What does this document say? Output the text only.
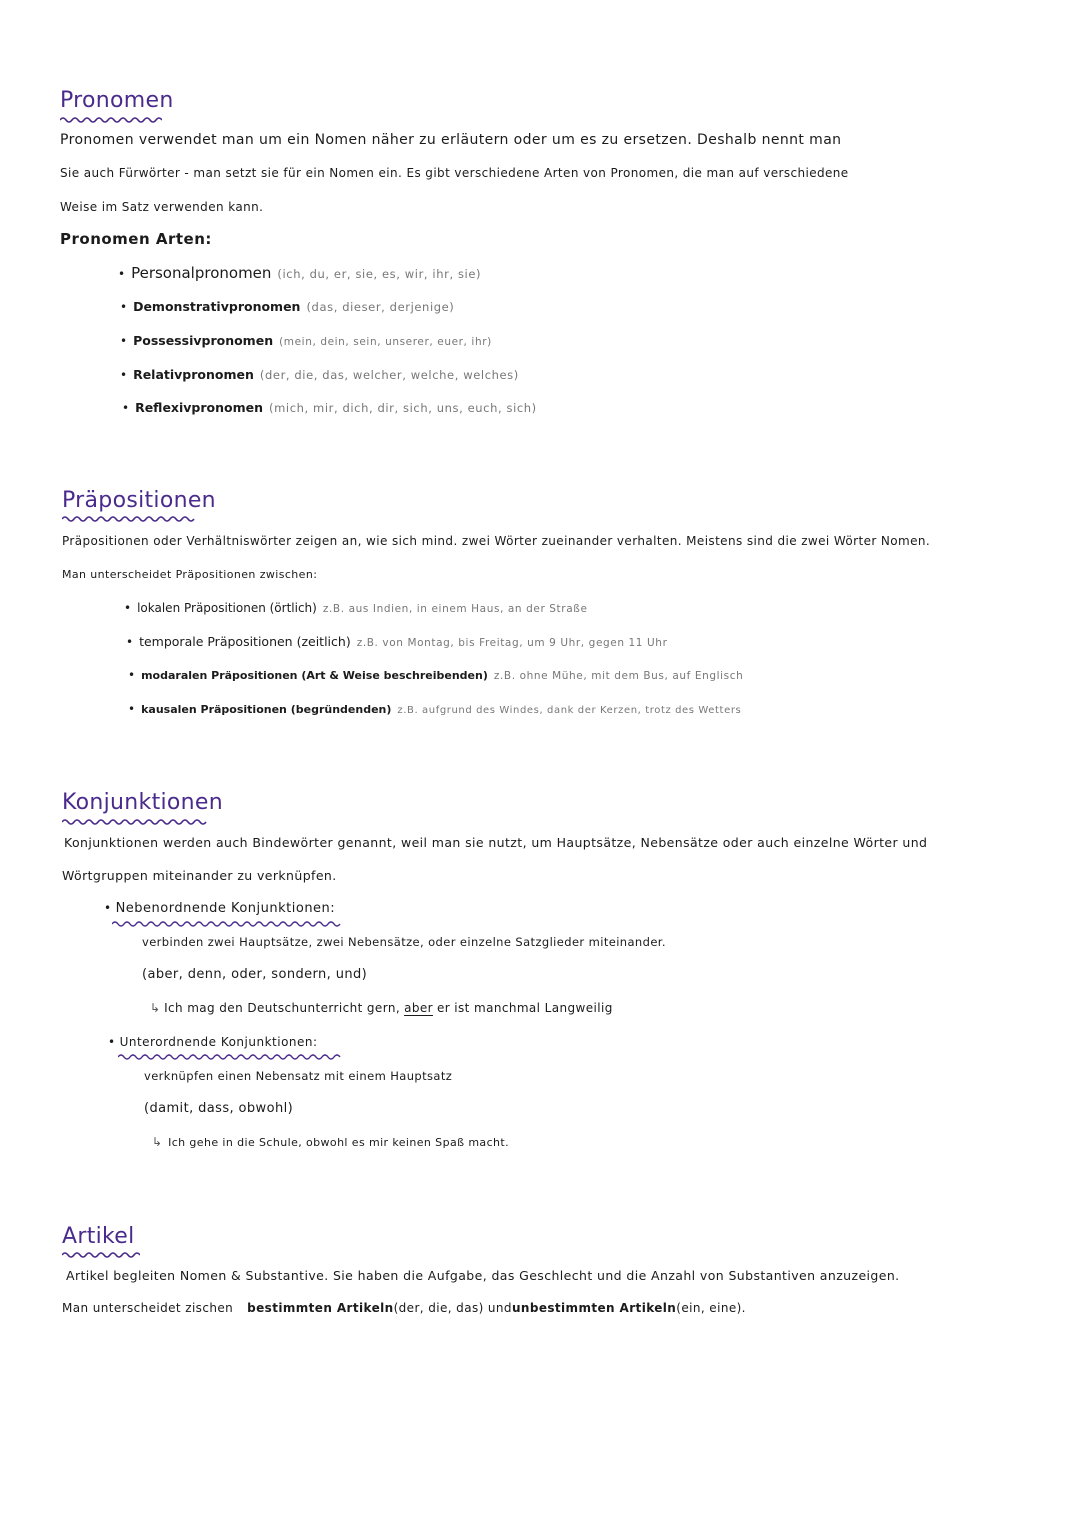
Pronomen
Pronomen verwendet man um ein Nomen näher zu erläutern oder um es zu ersetzen. Deshalb nennt man
Sie auch Fürwörter - man setzt sie für ein Nomen ein. Es gibt verschiedene Arten von Pronomen, die man auf verschiedene
Weise im Satz verwenden kann.
Pronomen Arten:
• Personalpronomen (ich, du, er, sie, es, wir, ihr, sie)
• Demonstrativpronomen (das, dieser, derjenige)
• Possessivpronomen (mein, dein, sein, unserer, euer, ihr)
• Relativpronomen (der, die, das, welcher, welche, welches)
• Reflexivpronomen (mich, mir, dich, dir, sich, uns, euch, sich)
Präpositionen
Präpositionen oder Verhältniswörter zeigen an, wie sich mind. zwei Wörter zueinander verhalten. Meistens sind die zwei Wörter Nomen.
Man unterscheidet Präpositionen zwischen:
• lokalen Präpositionen (örtlich) z.B. aus Indien, in einem Haus, an der Straße
• temporale Präpositionen (zeitlich) z.B. von Montag, bis Freitag, um 9 Uhr, gegen 11 Uhr
• modaralen Präpositionen (Art & Weise beschreibenden) z.B. ohne Mühe, mit dem Bus, auf Englisch
• kausalen Präpositionen (begründenden) z.B. aufgrund des Windes, dank der Kerzen, trotz des Wetters
Konjunktionen
Konjunktionen werden auch Bindewörter genannt, weil man sie nutzt, um Hauptsätze, Nebensätze oder auch einzelne Wörter und
Wörtgruppen miteinander zu verknüpfen.
• Nebenordnende Konjunktionen:
verbinden zwei Hauptsätze, zwei Nebensätze, oder einzelne Satzglieder miteinander.
(aber, denn, oder, sondern, und)
↳ Ich mag den Deutschunterricht gern, aber er ist manchmal Langweilig
• Unterordnende Konjunktionen:
verknüpfen einen Nebensatz mit einem Hauptsatz
(damit, dass, obwohl)
↳ Ich gehe in die Schule, obwohl es mir keinen Spaß macht.
Artikel
Artikel begleiten Nomen & Substantive. Sie haben die Aufgabe, das Geschlecht und die Anzahl von Substantiven anzuzeigen.
Man unterscheidet zischen bestimmten Artikeln (der, die, das) und unbestimmten Artikeln (ein, eine).
